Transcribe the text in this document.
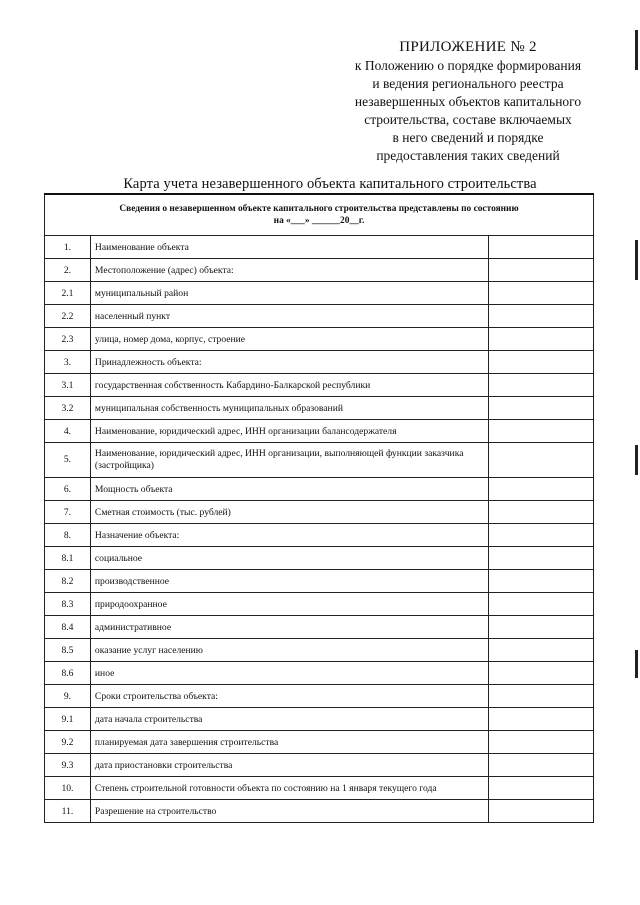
ПРИЛОЖЕНИЕ № 2
к Положению о порядке формирования
и ведения регионального реестра
незавершенных объектов капитального
строительства, составе включаемых
в него сведений и порядке
предоставления таких сведений
Карта учета незавершенного объекта капитального строительства
Сведения о незавершенном объекте капитального строительства представлены по состоянию
на «___» ______20__г.		

1.	Наименование объекта	
2.	Местоположение (адрес) объекта:	
2.1	муниципальный район	
2.2	населенный пункт	
2.3	улица, номер дома, корпус, строение	
3.	Принадлежность объекта:	
3.1	государственная собственность Кабардино-Балкарской республики	
3.2	муниципальная собственность муниципальных образований	
4.	Наименование, юридический адрес, ИНН организации балансодержателя	
5.	Наименование, юридический адрес, ИНН организации, выполняющей функции заказчика (застройщика)	
6.	Мощность объекта	
7.	Сметная стоимость (тыс. рублей)	
8.	Назначение объекта:	
8.1	социальное	
8.2	производственное	
8.3	природоохранное	
8.4	административное	
8.5	оказание услуг населению	
8.6	иное	
9.	Сроки строительства объекта:	
9.1	дата начала строительства	
9.2	планируемая дата завершения строительства	
9.3	дата приостановки строительства	
10.	Степень строительной готовности объекта по состоянию на 1 января текущего года	
11.	Разрешение на строительство	
